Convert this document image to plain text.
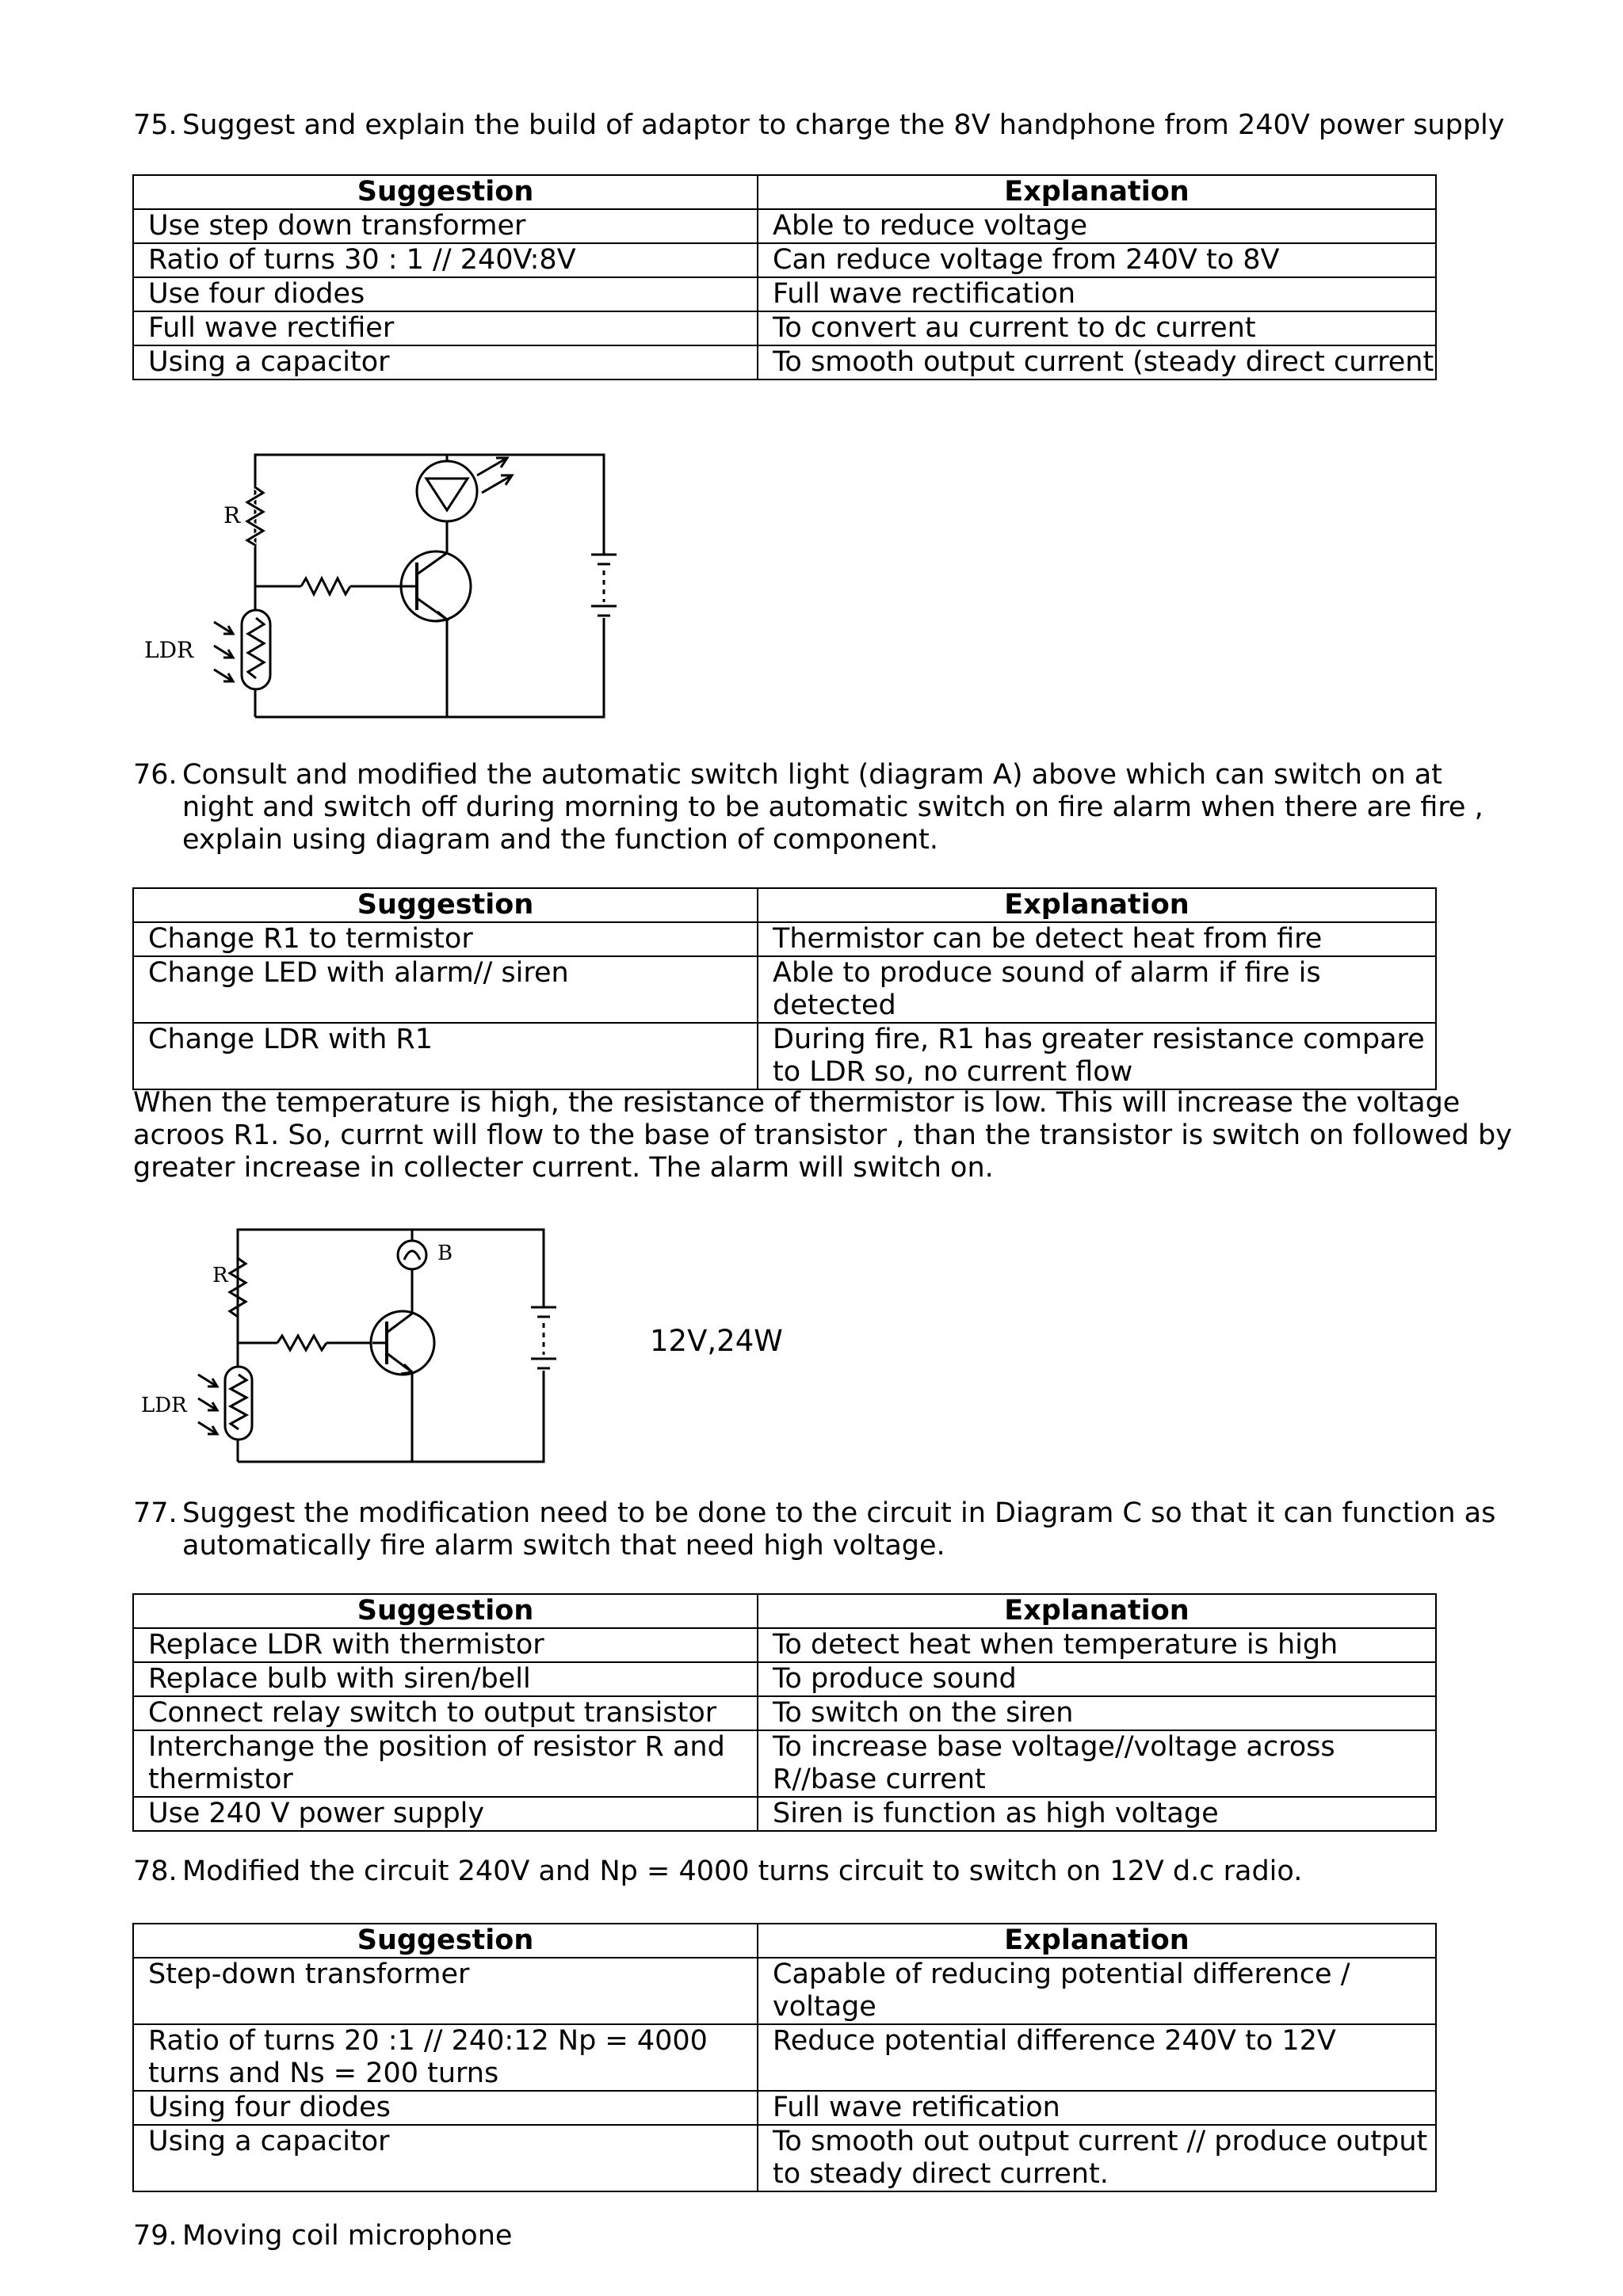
75. Suggest and explain the build of adaptor to charge the 8V handphone from 240V power supply
Suggestion	Explanation
Use step down transformer	Able to reduce voltage
Ratio of turns 30 : 1 // 240V:8V	Can reduce voltage from 240V to 8V
Use four diodes	Full wave rectification
Full wave rectifier	To convert au current to dc current
Using a capacitor	To smooth output current (steady direct current
R
LDR
76. Consult and modified the automatic switch light (diagram A) above which can switch on at night and switch off during morning to be automatic switch on fire alarm when there are fire , explain using diagram and the function of component.
Suggestion	Explanation
Change R1 to termistor	Thermistor can be detect heat from fire
Change LED with alarm// siren	Able to produce sound of alarm if fire is detected
Change LDR with R1	During fire, R1 has greater resistance compare to LDR so, no current flow
When the temperature is high, the resistance of thermistor is low. This will increase the voltage acroos R1. So, currnt will flow to the base of transistor , than the transistor is switch on followed by greater increase in collecter current. The alarm will switch on.
R
LDR
B
12V,24W
77. Suggest the modification need to be done to the circuit in Diagram C so that it can function as automatically fire alarm switch that need high voltage.
Suggestion	Explanation
Replace LDR with thermistor	To detect heat when temperature is high
Replace bulb with siren/bell	To produce sound
Connect relay switch to output transistor	To switch on the siren
Interchange the position of resistor R and thermistor	To increase base voltage//voltage across R//base current
Use 240 V power supply	Siren is function as high voltage
78. Modified the circuit 240V and Np = 4000 turns circuit to switch on 12V d.c radio.
Suggestion	Explanation
Step-down transformer	Capable of reducing potential difference / voltage
Ratio of turns 20 :1 // 240:12 Np = 4000 turns and Ns = 200 turns	Reduce potential difference 240V to 12V
Using four diodes	Full wave retification
Using a capacitor	To smooth out output current // produce output to steady direct current.
79. Moving coil microphone
